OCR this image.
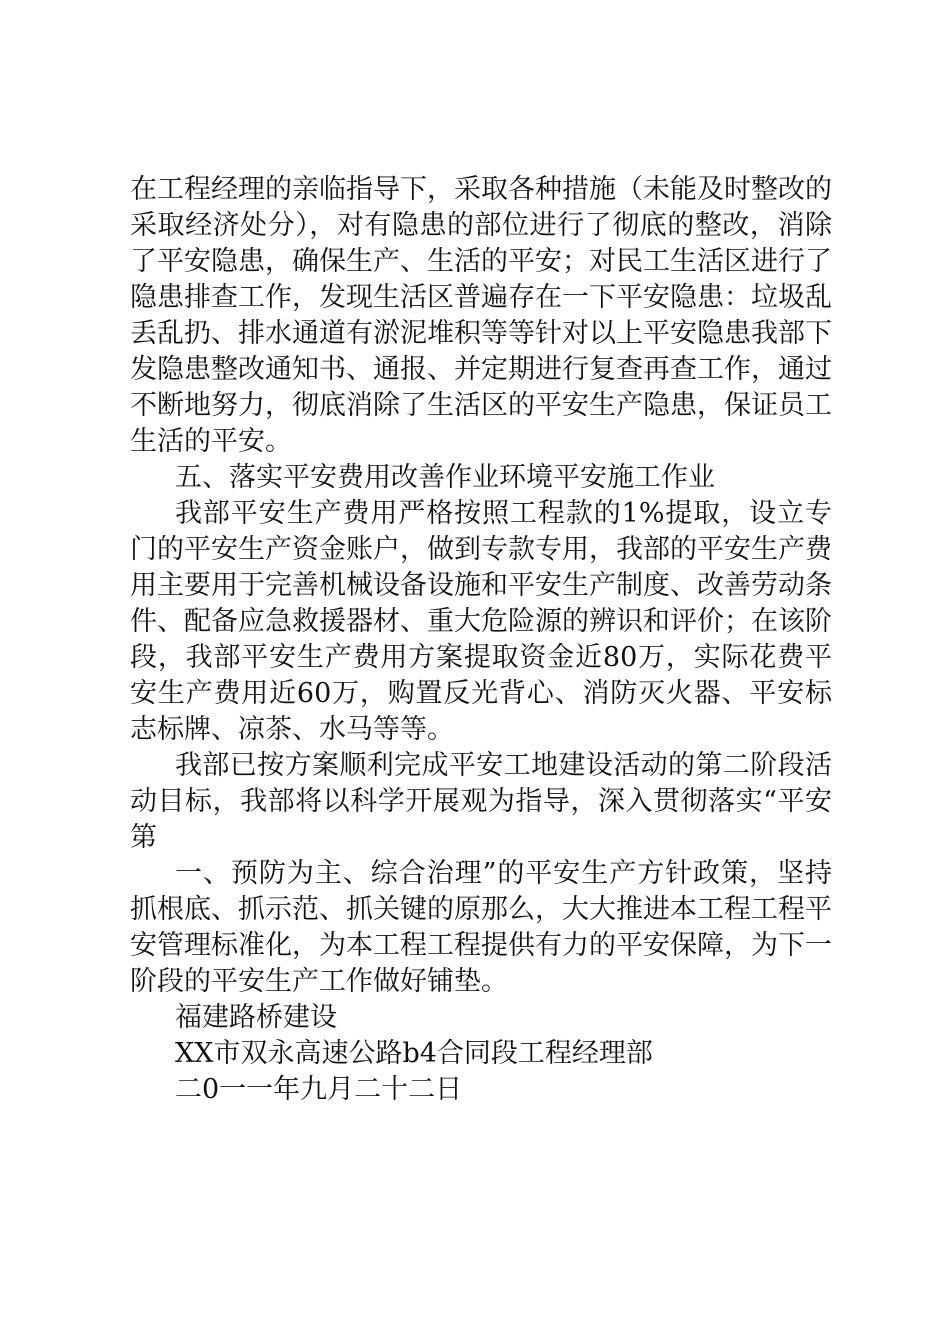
在工程经理的亲临指导下，采取各种措施（未能及时整改的采取经济处分），对有隐患的部位进行了彻底的整改，消除了平安隐患，确保生产、生活的平安；对民工生活区进行了隐患排查工作，发现生活区普遍存在一下平安隐患：垃圾乱丢乱扔、排水通道有淤泥堆积等等针对以上平安隐患我部下发隐患整改通知书、通报、并定期进行复查再查工作，通过不断地努力，彻底消除了生活区的平安生产隐患，保证员工生活的平安。

五、落实平安费用改善作业环境平安施工作业

我部平安生产费用严格按照工程款的1%提取，设立专门的平安生产资金账户，做到专款专用，我部的平安生产费用主要用于完善机械设备设施和平安生产制度、改善劳动条件、配备应急救援器材、重大危险源的辨识和评价；在该阶段，我部平安生产费用方案提取资金近80万，实际花费平安生产费用近60万，购置反光背心、消防灭火器、平安标志标牌、凉茶、水马等等。

我部已按方案顺利完成平安工地建设活动的第二阶段活动目标，我部将以科学开展观为指导，深入贯彻落实“平安第

一、预防为主、综合治理”的平安生产方针政策，坚持抓根底、抓示范、抓关键的原那么，大大推进本工程工程平安管理标准化，为本工程工程提供有力的平安保障，为下一阶段的平安生产工作做好铺垫。

福建路桥建设

XX市双永高速公路b4合同段工程经理部

二0一一年九月二十二日
